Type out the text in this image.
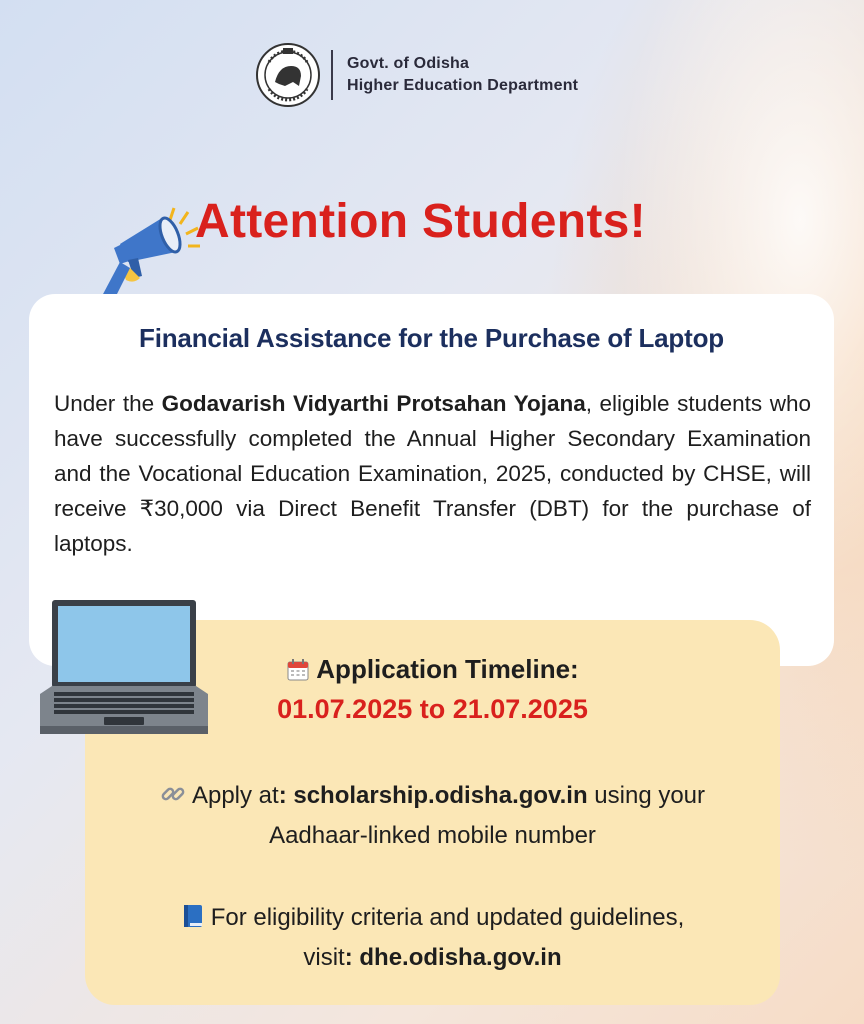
Govt. of Odisha
Higher Education Department
Attention Students!
Financial Assistance for the Purchase of Laptop
Under the Godavarish Vidyarthi Protsahan Yojana, eligible students who have successfully completed the Annual Higher Secondary Examination and the Vocational Education Examination, 2025, conducted by CHSE, will receive ₹30,000 via Direct Benefit Transfer (DBT) for the purchase of laptops.
Application Timeline:
01.07.2025 to 21.07.2025
Apply at: scholarship.odisha.gov.in using your
Aadhaar-linked mobile number
For eligibility criteria and updated guidelines,
visit: dhe.odisha.gov.in
